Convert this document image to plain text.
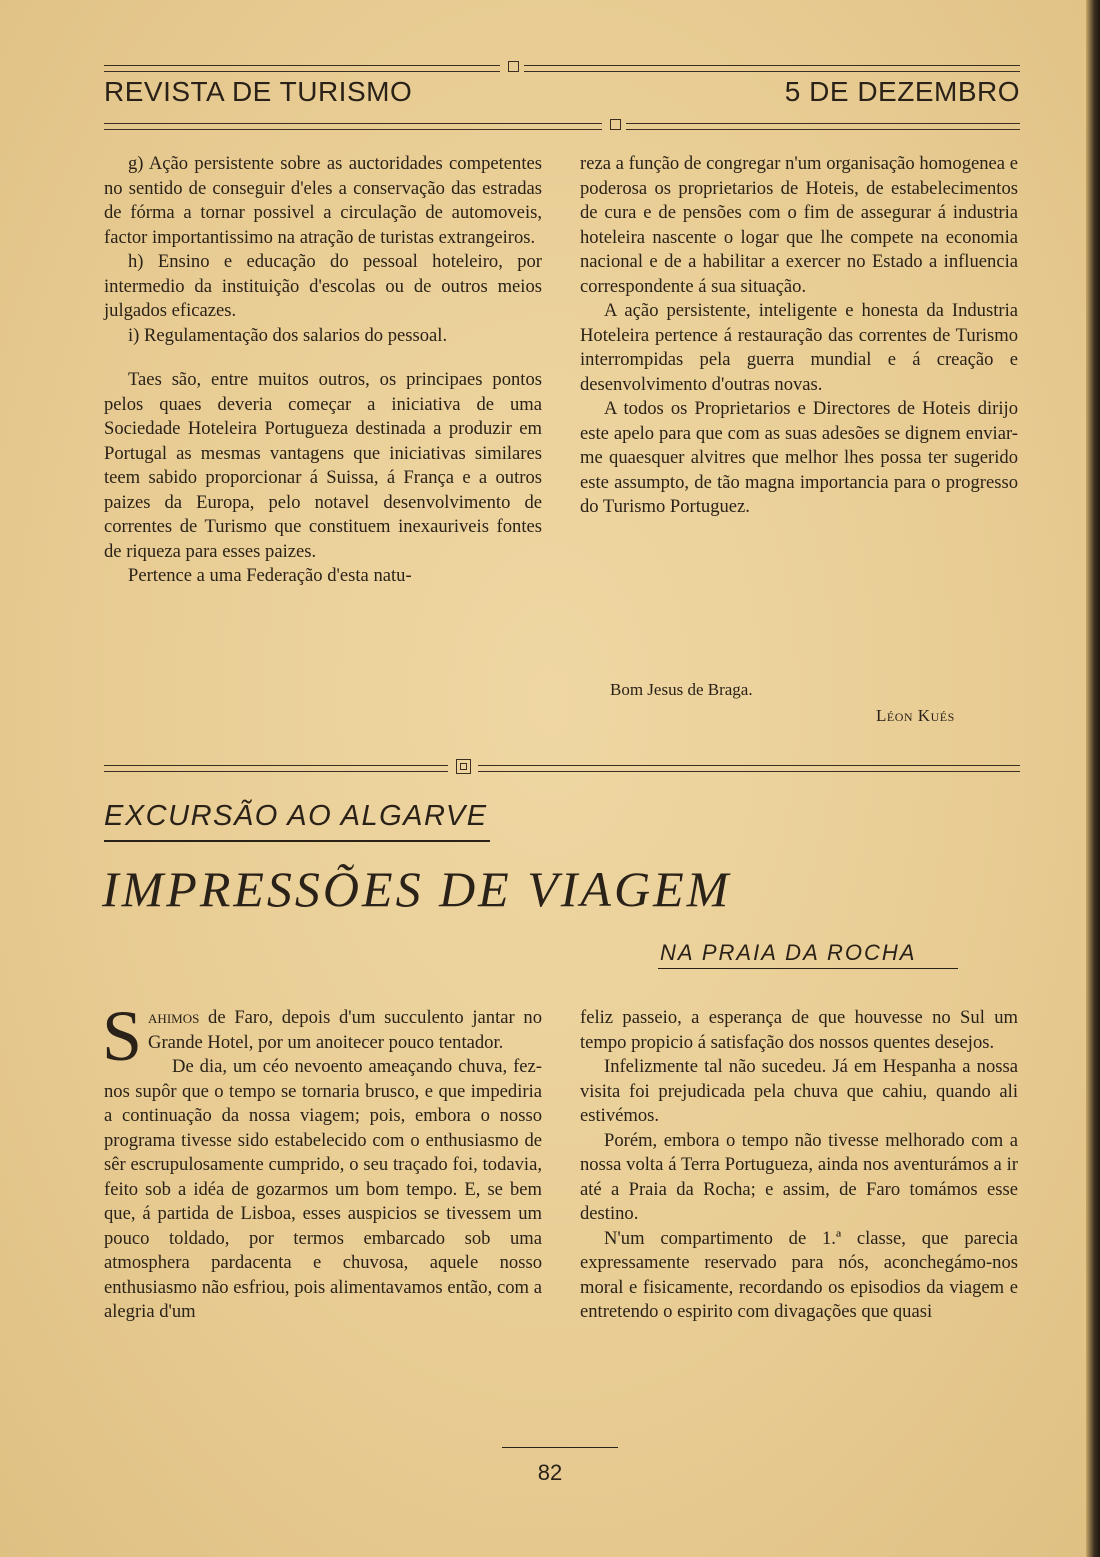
REVISTA DE TURISMO	5 DE DEZEMBRO

g) Ação persistente sobre as auctoridades competentes no sentido de conseguir d'eles a conservação das estradas de fórma a tornar possivel a circulação de automoveis, factor importantissimo na atração de turistas extrangeiros.

h) Ensino e educação do pessoal hoteleiro, por intermedio da instituição d'escolas ou de outros meios julgados eficazes.

i) Regulamentação dos salarios do pessoal.

Taes são, entre muitos outros, os principaes pontos pelos quaes deveria começar a iniciativa de uma Sociedade Hoteleira Portugueza destinada a produzir em Portugal as mesmas vantagens que iniciativas similares teem sabido proporcionar á Suissa, á França e a outros paizes da Europa, pelo notavel desenvolvimento de correntes de Turismo que constituem inexauriveis fontes de riqueza para esses paizes.

Pertence a uma Federação d'esta natu-

reza a função de congregar n'um organisação homogenea e poderosa os proprietarios de Hoteis, de estabelecimentos de cura e de pensões com o fim de assegurar á industria hoteleira nascente o logar que lhe compete na economia nacional e de a habilitar a exercer no Estado a influencia correspondente á sua situação.

A ação persistente, inteligente e honesta da Industria Hoteleira pertence á restauração das correntes de Turismo interrompidas pela guerra mundial e á creação e desenvolvimento d'outras novas.

A todos os Proprietarios e Directores de Hoteis dirijo este apelo para que com as suas adesões se dignem enviar-me quaesquer alvitres que melhor lhes possa ter sugerido este assumpto, de tão magna importancia para o progresso do Turismo Portuguez.

Bom Jesus de Braga.
Léon Kués
EXCURSÃO AO ALGARVE
IMPRESSÕES DE VIAGEM
NA PRAIA DA ROCHA

Sahimos de Faro, depois d'um succulento jantar no Grande Hotel, por um anoitecer pouco tentador.

De dia, um céo nevoento ameaçando chuva, fez-nos supôr que o tempo se tornaria brusco, e que impediria a continuação da nossa viagem; pois, embora o nosso programa tivesse sido estabelecido com o enthusiasmo de sêr escrupulosamente cumprido, o seu traçado foi, todavia, feito sob a idéa de gozarmos um bom tempo. E, se bem que, á partida de Lisboa, esses auspicios se tivessem um pouco toldado, por termos embarcado sob uma atmosphera pardacenta e chuvosa, aquele nosso enthusiasmo não esfriou, pois alimentavamos então, com a alegria d'um

feliz passeio, a esperança de que houvesse no Sul um tempo propicio á satisfação dos nossos quentes desejos.

Infelizmente tal não sucedeu. Já em Hespanha a nossa visita foi prejudicada pela chuva que cahiu, quando ali estivémos.

Porém, embora o tempo não tivesse melhorado com a nossa volta á Terra Portugueza, ainda nos aventurámos a ir até a Praia da Rocha; e assim, de Faro tomámos esse destino.

N'um compartimento de 1.ª classe, que parecia expressamente reservado para nós, aconchegámo-nos moral e fisicamente, recordando os episodios da viagem e entretendo o espirito com divagações que quasi

82
